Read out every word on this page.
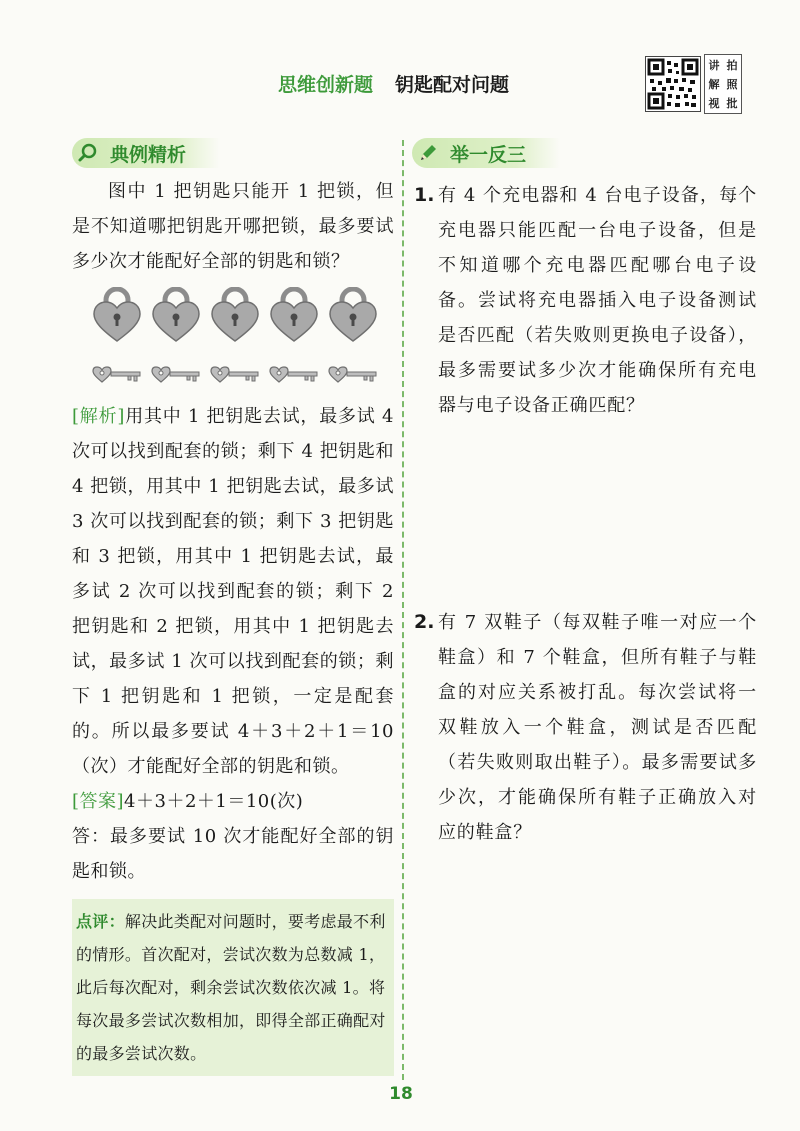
思维创新题 钥匙配对问题
讲 拍
解 照
视 批
典例精析

图中 1 把钥匙只能开 1 把锁，但是不知道哪把钥匙开哪把锁，最多要试多少次才能配好全部的钥匙和锁？

[解析]用其中 1 把钥匙去试，最多试 4 次可以找到配套的锁；剩下 4 把钥匙和 4 把锁，用其中 1 把钥匙去试，最多试 3 次可以找到配套的锁；剩下 3 把钥匙和 3 把锁，用其中 1 把钥匙去试，最多试 2 次可以找到配套的锁；剩下 2 把钥匙和 2 把锁，用其中 1 把钥匙去试，最多试 1 次可以找到配套的锁；剩下 1 把钥匙和 1 把锁，一定是配套的。所以最多要试 4＋3＋2＋1＝10（次）才能配好全部的钥匙和锁。

[答案]4＋3＋2＋1＝10(次)

答：最多要试 10 次才能配好全部的钥匙和锁。

点评：解决此类配对问题时，要考虑最不利的情形。首次配对，尝试次数为总数减 1，此后每次配对，剩余尝试次数依次减 1。将每次最多尝试次数相加，即得全部正确配对的最多尝试次数。
举一反三
1. 有 4 个充电器和 4 台电子设备，每个充电器只能匹配一台电子设备，但是不知道哪个充电器匹配哪台电子设备。尝试将充电器插入电子设备测试是否匹配（若失败则更换电子设备），最多需要试多少次才能确保所有充电器与电子设备正确匹配？

2. 有 7 双鞋子（每双鞋子唯一对应一个鞋盒）和 7 个鞋盒，但所有鞋子与鞋盒的对应关系被打乱。每次尝试将一双鞋放入一个鞋盒，测试是否匹配（若失败则取出鞋子）。最多需要试多少次，才能确保所有鞋子正确放入对应的鞋盒？

18
